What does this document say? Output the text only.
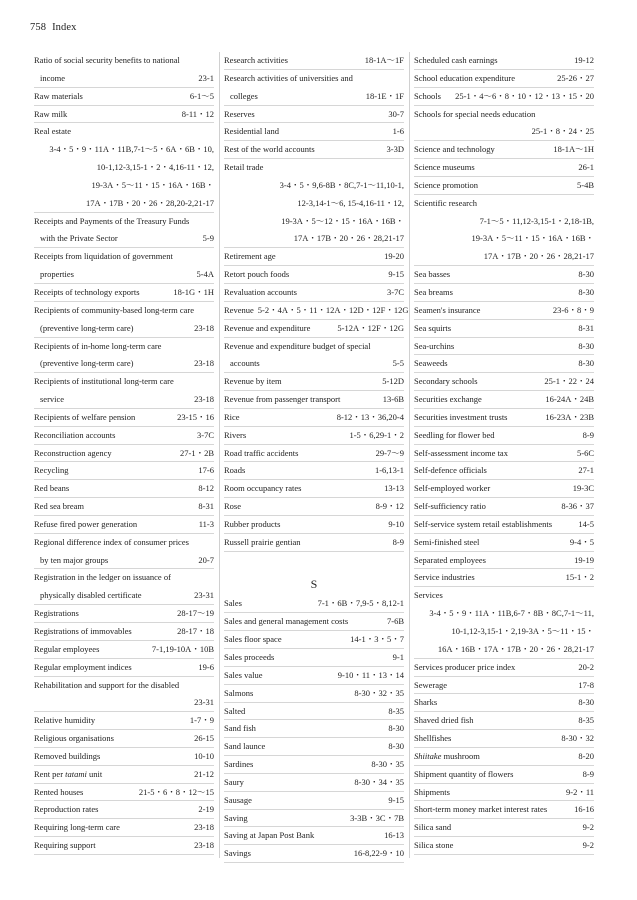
758 Index
Ratio of social security benefits to national
income	23-1
Raw materials	6-1～5
Raw milk	8-11・12
Real estate
3-4・5・9・11A・11B,7-1～5・6A・6B・10,
10-1,12-3,15-1・2・4,16-11・12,
19-3A・5～11・15・16A・16B・
17A・17B・20・26・28,20-2,21-17
Receipts and Payments of the Treasury Funds
with the Private Sector	5-9
Receipts from liquidation of government
properties	5-4A
Receipts of technology exports	18-1G・1H
Recipients of community-based long-term care
(preventive long-term care)	23-18
Recipients of in-home long-term care
(preventive long-term care)	23-18
Recipients of institutional long-term care
service	23-18
Recipients of welfare pension	23-15・16
Reconciliation accounts	3-7C
Reconstruction agency	27-1・2B
Recycling	17-6
Red beans	8-12
Red sea bream	8-31
Refuse fired power generation	11-3
Regional difference index of consumer prices
by ten major groups	20-7
Registration in the ledger on issuance of
physically disabled certificate	23-31
Registrations	28-17～19
Registrations of immovables	28-17・18
Regular employees	7-1,19-10A・10B
Regular employment indices	19-6
Rehabilitation and support for the disabled
23-31
Relative humidity	1-7・9
Religious organisations	26-15
Removed buildings	10-10
Rent per tatami unit	21-12
Rented houses	21-5・6・8・12～15
Reproduction rates	2-19
Requiring long-term care	23-18
Requiring support	23-18
Research activities	18-1A～1F
Research activities of universities and
colleges	18-1E・1F
Reserves	30-7
Residential land	1-6
Rest of the world accounts	3-3D
Retail trade
3-4・5・9,6-8B・8C,7-1～11,10-1,
12-3,14-1～6, 15-4,16-11・12,
19-3A・5～12・15・16A・16B・
17A・17B・20・26・28,21-17
Retirement age	19-20
Retort pouch foods	9-15
Revaluation accounts	3-7C
Revenue 5-2・4A・5・11・12A・12D・12F・12G
Revenue and expenditure	5-12A・12F・12G
Revenue and expenditure budget of special
accounts	5-5
Revenue by item	5-12D
Revenue from passenger transport	13-6B
Rice	8-12・13・36,20-4
Rivers	1-5・6,29-1・2
Road traffic accidents	29-7～9
Roads	1-6,13-1
Room occupancy rates	13-13
Rose	8-9・12
Rubber products	9-10
Russell prairie gentian	8-9
S
Sales	7-1・6B・7,9-5・8,12-1
Sales and general management costs	7-6B
Sales floor space	14-1・3・5・7
Sales proceeds	9-1
Sales value	9-10・11・13・14
Salmons	8-30・32・35
Salted	8-35
Sand fish	8-30
Sand launce	8-30
Sardines	8-30・35
Saury	8-30・34・35
Sausage	9-15
Saving	3-3B・3C・7B
Saving at Japan Post Bank	16-13
Savings	16-8,22-9・10
Scheduled cash earnings	19-12
School education expenditure	25-26・27
Schools 25-1・4～6・8・10・12・13・15・20
Schools for special needs education
25-1・8・24・25
Science and technology	18-1A～1H
Science museums	26-1
Science promotion	5-4B
Scientific research
7-1～5・11,12-3,15-1・2,18-1B,
19-3A・5～11・15・16A・16B・
17A・17B・20・26・28,21-17
Sea basses	8-30
Sea breams	8-30
Seamen's insurance	23-6・8・9
Sea squirts	8-31
Sea-urchins	8-30
Seaweeds	8-30
Secondary schools	25-1・22・24
Securities exchange	16-24A・24B
Securities investment trusts	16-23A・23B
Seedling for flower bed	8-9
Self-assessment income tax	5-6C
Self-defence officials	27-1
Self-employed worker	19-3C
Self-sufficiency ratio	8-36・37
Self-service system retail establishments	14-5
Semi-finished steel	9-4・5
Separated employees	19-19
Service industries	15-1・2
Services
3-4・5・9・11A・11B,6-7・8B・8C,7-1～11,
10-1,12-3,15-1・2,19-3A・5～11・15・
16A・16B・17A・17B・20・26・28,21-17
Services producer price index	20-2
Sewerage	17-8
Sharks	8-30
Shaved dried fish	8-35
Shellfishes	8-30・32
Shiitake mushroom	8-20
Shipment quantity of flowers	8-9
Shipments	9-2・11
Short-term money market interest rates	16-16
Silica sand	9-2
Silica stone	9-2
